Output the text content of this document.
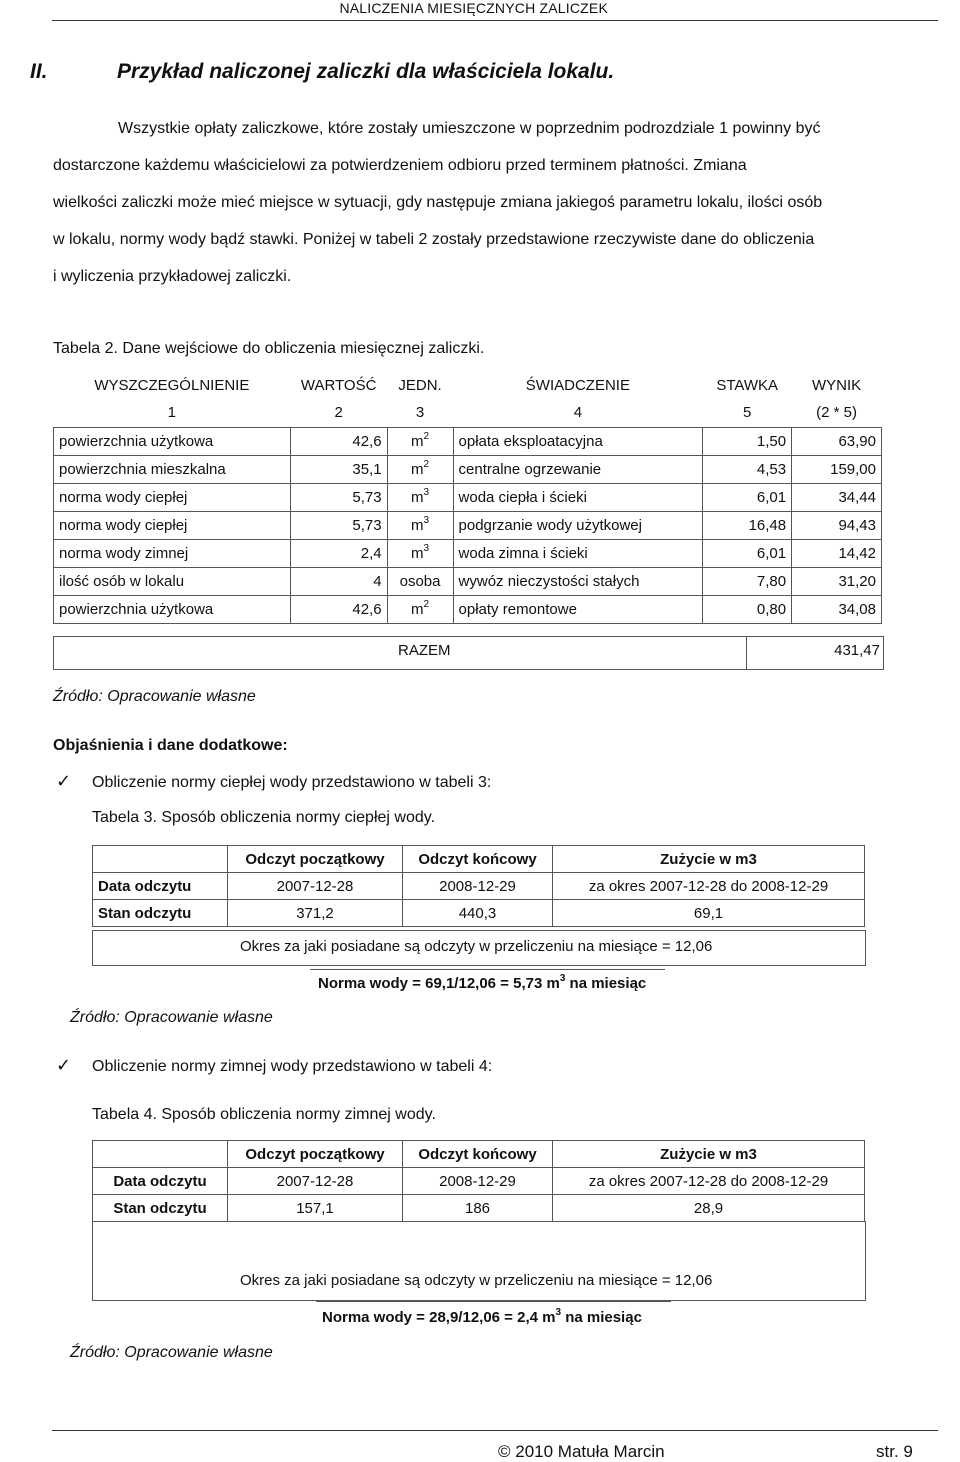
NALICZENIA MIESIĘCZNYCH ZALICZEK
II.	Przykład naliczonej zaliczki dla właściciela lokalu.
Wszystkie opłaty zaliczkowe, które zostały umieszczone w poprzednim podrozdziale 1 powinny być
dostarczone każdemu właścicielowi za potwierdzeniem odbioru przed terminem płatności. Zmiana
wielkości zaliczki może mieć miejsce w sytuacji, gdy następuje zmiana jakiegoś parametru lokalu, ilości osób
w lokalu, normy wody bądź stawki. Poniżej w tabeli 2 zostały przedstawione rzeczywiste dane do obliczenia
i wyliczenia przykładowej zaliczki.
Tabela 2. Dane wejściowe do obliczenia miesięcznej zaliczki.
WYSZCZEGÓLNIENIE	WARTOŚĆ	JEDN.	ŚWIADCZENIE	STAWKA	WYNIK
1	2	3	4	5	(2 * 5)
powierzchnia użytkowa	42,6	$m^2$	opłata eksploatacyjna	1,50	63,90
powierzchnia mieszkalna	35,1	$m^2$	centralne ogrzewanie	4,53	159,00
norma wody ciepłej	5,73	$m^3$	woda ciepła i ścieki	6,01	34,44
norma wody ciepłej	5,73	$m^3$	podgrzanie wody użytkowej	16,48	94,43
norma wody zimnej	2,4	$m^3$	woda zimna i ścieki	6,01	14,42
ilość osób w lokalu	4	osoba	wywóz nieczystości stałych	7,80	31,20
powierzchnia użytkowa	42,6	$m^2$	opłaty remontowe	0,80	34,08
RAZEM	431,47
Źródło: Opracowanie własne
Objaśnienia i dane dodatkowe:
✓ Obliczenie normy ciepłej wody przedstawiono w tabeli 3:
Tabela 3. Sposób obliczenia normy ciepłej wody.
	Odczyt początkowy	Odczyt końcowy	Zużycie w m3
Data odczytu	2007-12-28	2008-12-29	za okres 2007-12-28 do 2008-12-29
Stan odczytu	371,2	440,3	69,1
Okres za jaki posiadane są odczyty w przeliczeniu na miesiące = 12,06
Norma wody = 69,1/12,06 = 5,73 $m^3$ na miesiąc
Źródło: Opracowanie własne
✓ Obliczenie normy zimnej wody przedstawiono w tabeli 4:
Tabela 4. Sposób obliczenia normy zimnej wody.
	Odczyt początkowy	Odczyt końcowy	Zużycie w m3
Data odczytu	2007-12-28	2008-12-29	za okres 2007-12-28 do 2008-12-29
Stan odczytu	157,1	186	28,9
Okres za jaki posiadane są odczyty w przeliczeniu na miesiące = 12,06
Norma wody = 28,9/12,06 = 2,4 $m^3$ na miesiąc
Źródło: Opracowanie własne
© 2010 Matuła Marcin	str. 9
